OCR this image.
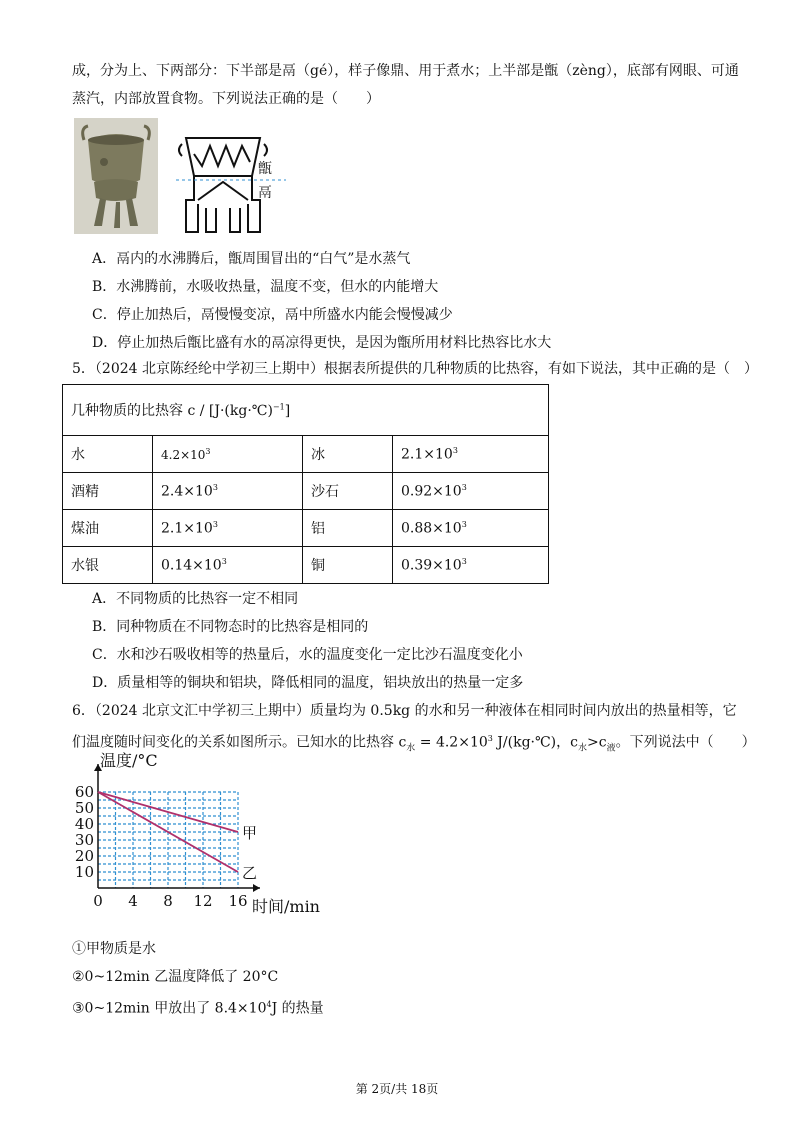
成，分为上、下两部分：下半部是鬲（gé），样子像鼎、用于煮水；上半部是甑（zèng），底部有网眼、可通
蒸汽，内部放置食物。下列说法正确的是（　　）
甑
鬲
A．鬲内的水沸腾后，甑周围冒出的“白气”是水蒸气
B．水沸腾前，水吸收热量，温度不变，但水的内能增大
C．停止加热后，鬲慢慢变凉，鬲中所盛水内能会慢慢减少
D．停止加热后甑比盛有水的鬲凉得更快，是因为甑所用材料比热容比水大
5．（2024 北京陈经纶中学初三上期中）根据表所提供的几种物质的比热容，有如下说法，其中正确的是（　）
几种物质的比热容 c / [J·(kg·℃)$^{-1}$]			
水	$4.2\times 10^3$	冰	$2.1\times 10^3$
酒精	$2.4\times 10^3$	沙石	$0.92\times 10^3$
煤油	$2.1\times 10^3$	铝	$0.88\times 10^3$
水银	$0.14\times 10^3$	铜	$0.39\times 10^3$
A．不同物质的比热容一定不相同
B．同种物质在不同物态时的比热容是相同的
C．水和沙石吸收相等的热量后，水的温度变化一定比沙石温度变化小
D．质量相等的铜块和铝块，降低相同的温度，铝块放出的热量一定多
6．（2024 北京文汇中学初三上期中）质量均为 0.5kg 的水和另一种液体在相同时间内放出的热量相等，它
们温度随时间变化的关系如图所示。已知水的比热容 $c_水 = 4.2\times 10^3$ J/(kg·℃)，$c_水>c_液$。下列说法中（　　）
0 4 8 12 16
10
20
30
40
50
60
温度/°C
时间/min
甲
乙
①甲物质是水
②0~12min 乙温度降低了 20°C
③0~12min 甲放出了 $8.4\times 10^4J$ 的热量
第 2页/共 18页
